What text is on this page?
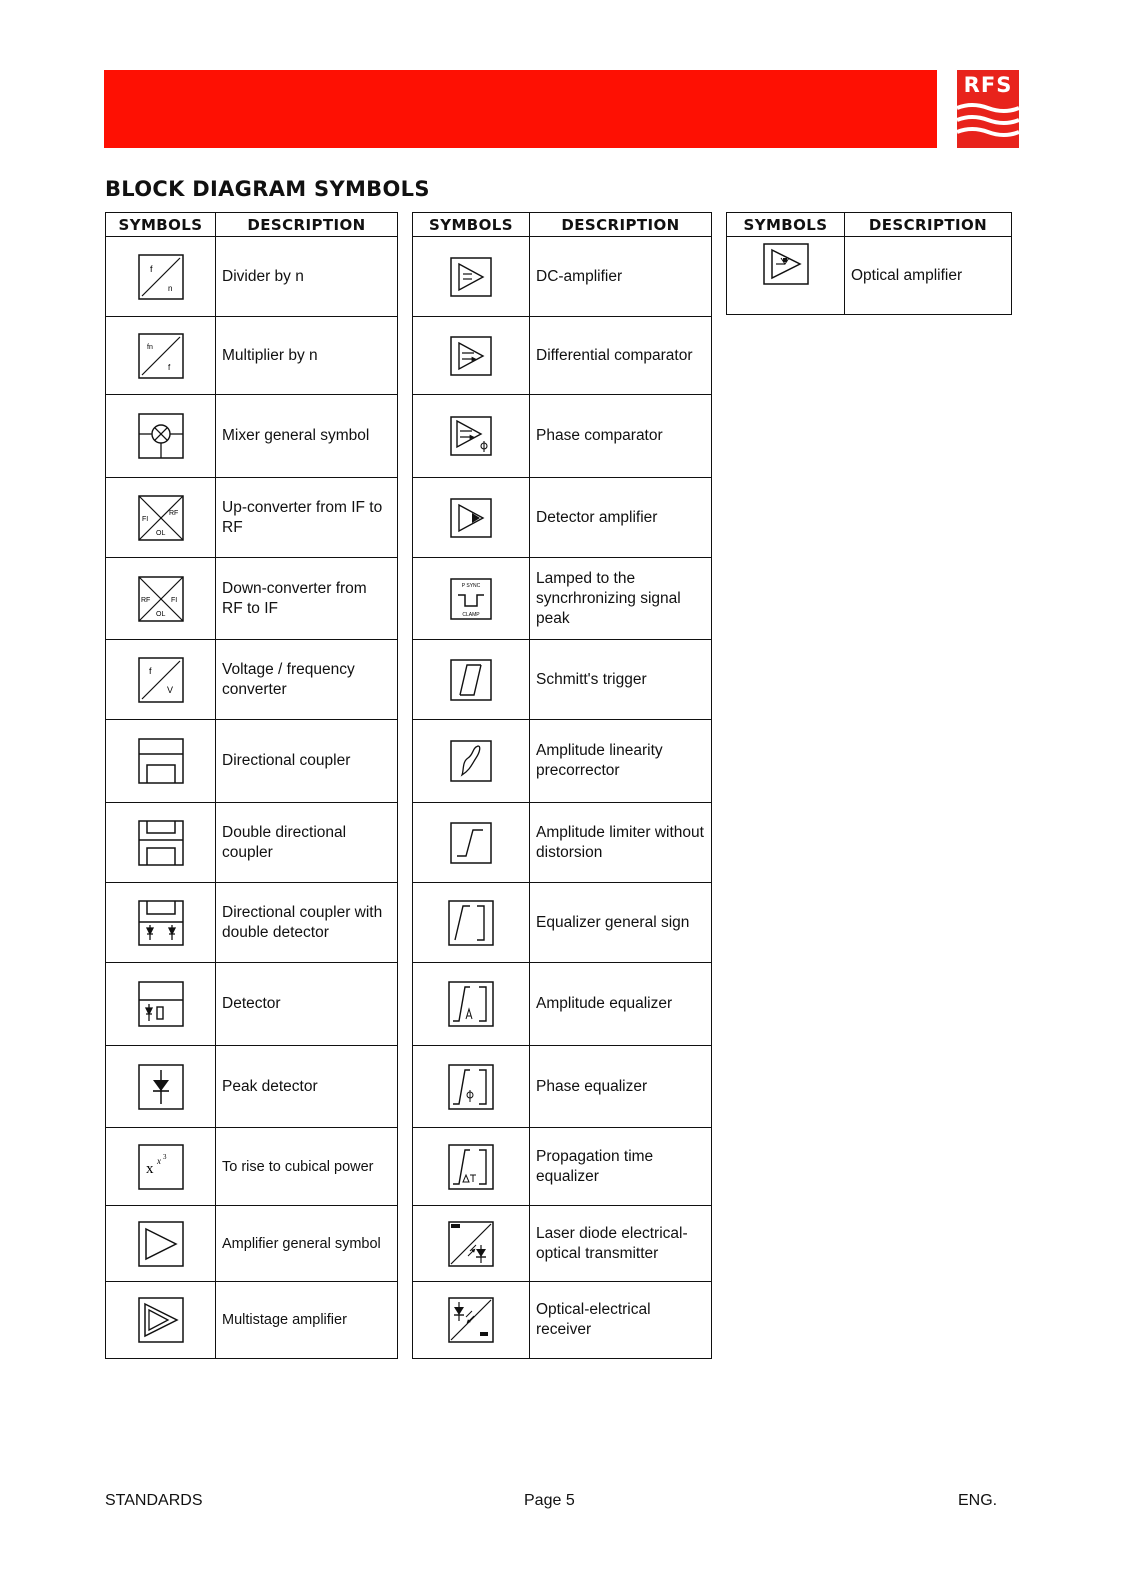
RFS
BLOCK DIAGRAM SYMBOLS
SYMBOLS	DESCRIPTION

f
n	Divider by n

fn
f	Multiplier by n
	Mixer general symbol

FI
RF
OL	Up-converter from IF to RF

RF FI
OL	Down-converter from RF to IF

f
V	Voltage / frequency converter
	Directional coupler
	Double directional coupler
	Directional coupler with double detector
	Detector
	Peak detector

x x 3	To rise to cubical power
	Amplifier general symbol
	Multistage amplifier
SYMBOLS	DESCRIPTION
	DC-amplifier
	Differential comparator
	Phase comparator
	Detector amplifier

P SYNC
CLAMP	Lamped to the syncrhronizing signal peak
	Schmitt's trigger
	Amplitude linearity precorrector
	Amplitude limiter without distorsion
	Equalizer general sign
	Amplitude equalizer
	Phase equalizer
	Propagation time equalizer
	Laser diode electrical-optical transmitter
	Optical-electrical receiver
SYMBOLS	DESCRIPTION
	Optical amplifier
STANDARDS	Page 5	ENG.
